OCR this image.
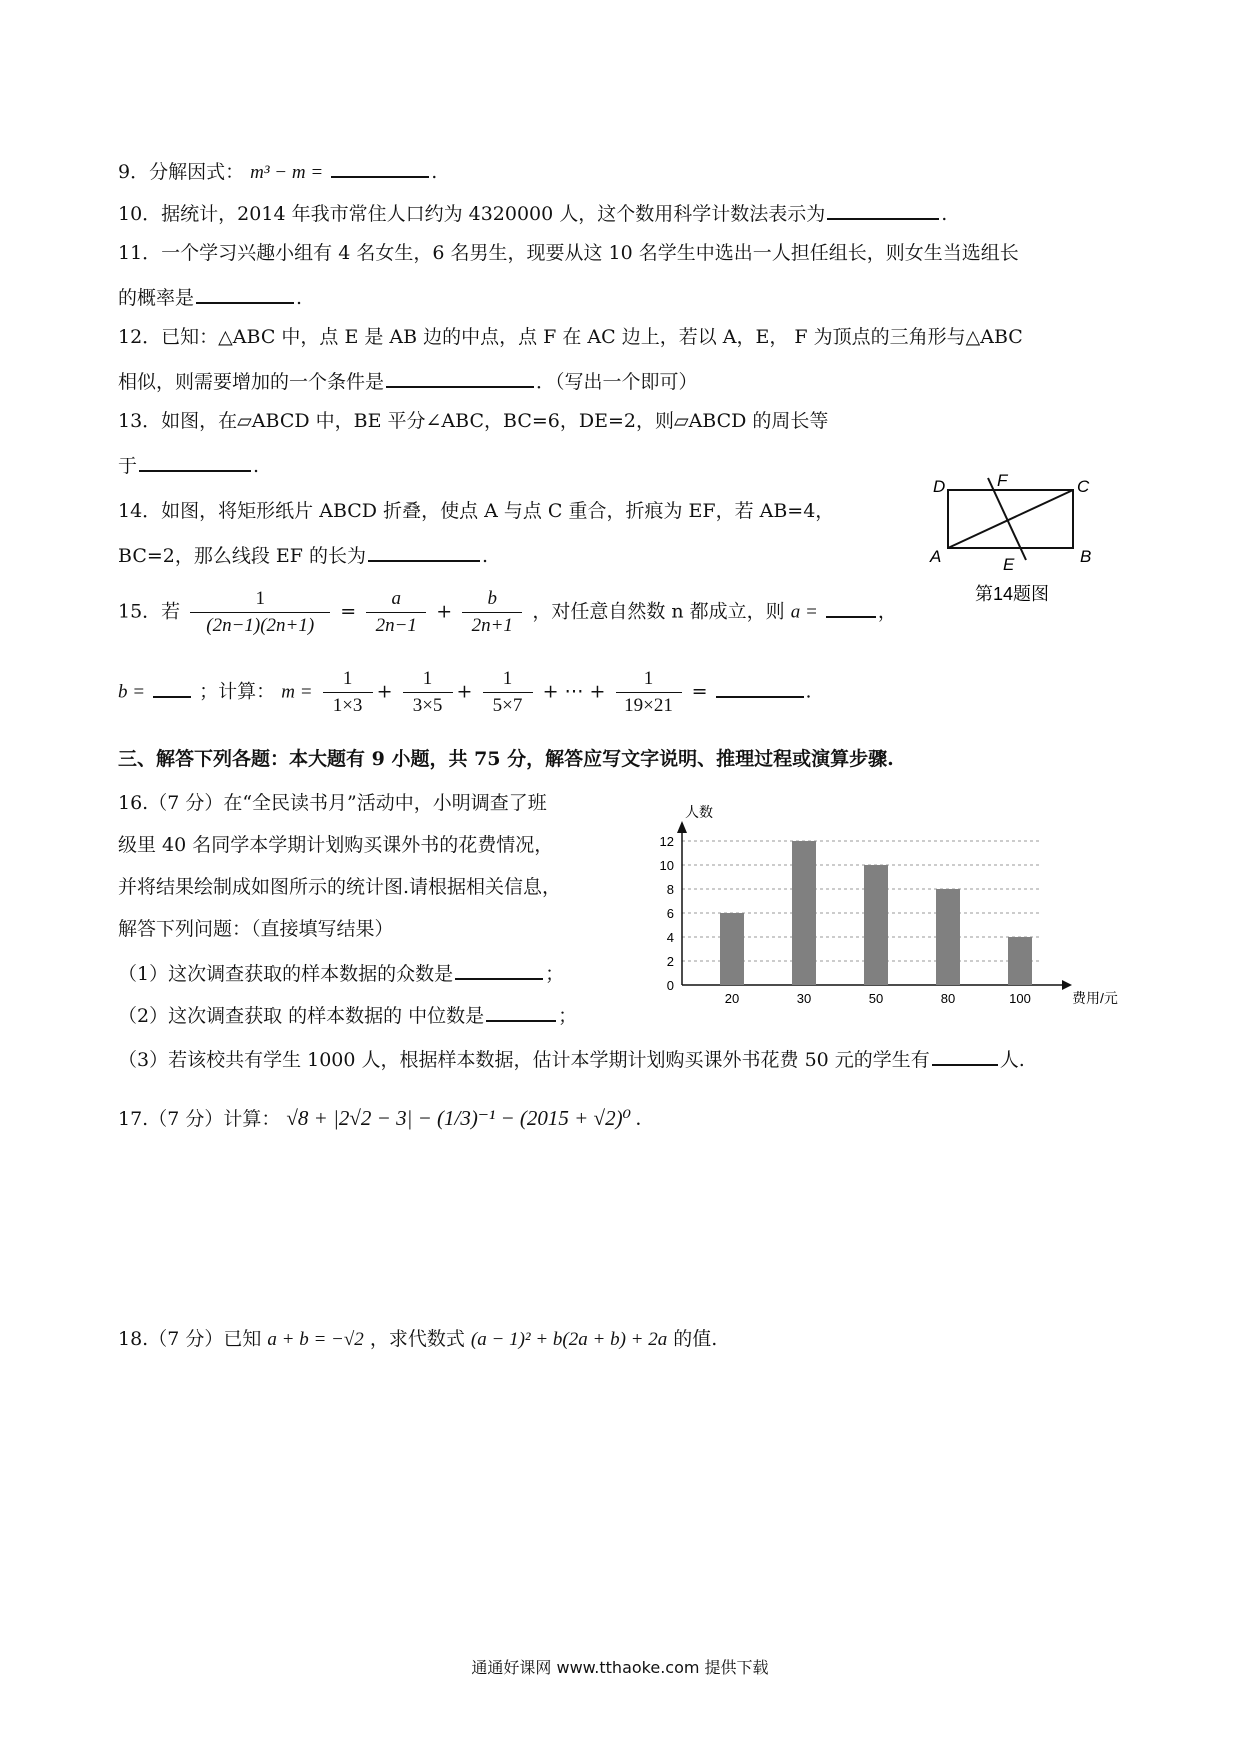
9．分解因式： m³ − m =	.
10．据统计，2014 年我市常住人口约为 4320000 人，这个数用科学计数法表示为	.
11．一个学习兴趣小组有 4 名女生，6 名男生，现要从这 10 名学生中选出一人担任组长，则女生当选组长
的概率是	.
12．已知：△ABC 中，点 E 是 AB 边的中点，点 F 在 AC 边上，若以 A，E， F 为顶点的三角形与△ABC
相似，则需要增加的一个条件是	．（写出一个即可）
13．如图，在▱ABCD 中，BE 平分∠ABC，BC=6，DE=2，则▱ABCD 的周长等
于	.
14．如图，将矩形纸片 ABCD 折叠，使点 A 与点 C 重合，折痕为 EF，若 AB=4，
BC=2，那么线段 EF 的长为	.
D	F	C
A	E	B
第14题图
15．若 $\frac{1}{(2n-1)(2n+1)} = \frac{a}{2n-1} + \frac{b}{2n+1}$ ，对任意自然数 n 都成立，则 a =	，
b =	；计算： $m = \frac{1}{1\times 3} + \frac{1}{3\times 5} + \frac{1}{5\times 7}$ + ⋯ + $\frac{1}{19\times 21}$ =	.
三、解答下列各题：本大题有 9 小题，共 75 分，解答应写文字说明、推理过程或演算步骤.
16.（7 分）在“全民读书月”活动中，小明调查了班
级里 40 名同学本学期计划购买课外书的花费情况，
并将结果绘制成如图所示的统计图.请根据相关信息，
解答下列问题：（直接填写结果）
（1）这次调查获取的样本数据的众数是	；
（2）这次调查获取 的样本数据的 中位数是	；
（3）若该校共有学生 1000 人，根据样本数据，估计本学期计划购买课外书花费 50 元的学生有	人.
人数
费用/元
0
2
4
6
8
10
12
20	30	50	80	100
17.（7 分）计算： √8 + |2√2 − 3| − (1/3)⁻¹ − (2015 + √2)⁰ .
18.（7 分）已知 a + b = −√2 ，求代数式 (a − 1)² + b(2a + b) + 2a 的值.
通通好课网 www.tthaoke.com 提供下载
